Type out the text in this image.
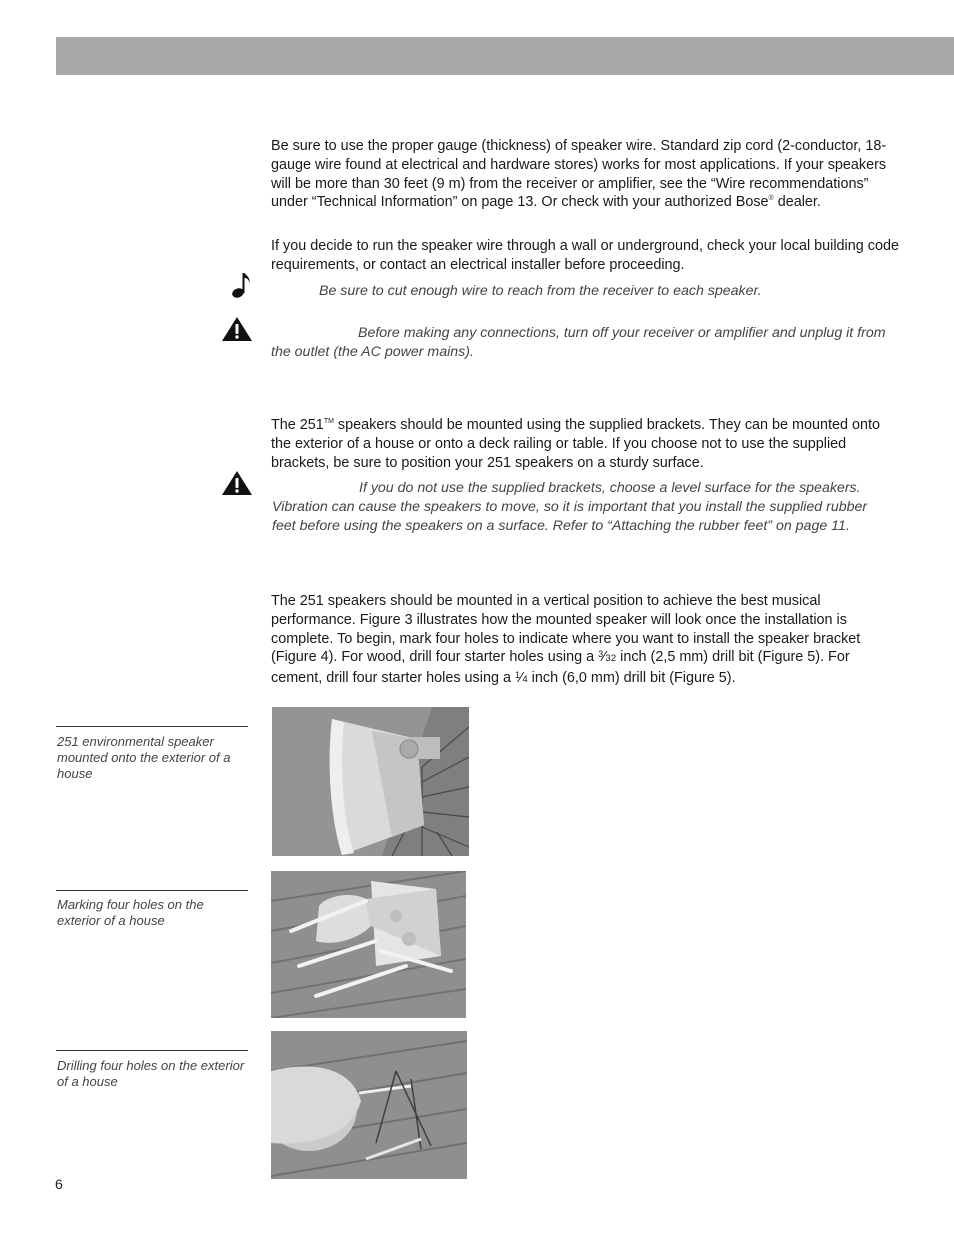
Be sure to use the proper gauge (thickness) of speaker wire. Standard zip cord (2-conductor, 18-gauge wire found at electrical and hardware stores) works for most applications. If your speakers will be more than 30 feet (9 m) from the receiver or amplifier, see the “Wire recommendations” under “Technical Information” on page 13. Or check with your authorized Bose® dealer.

If you decide to run the speaker wire through a wall or underground, check your local building code requirements, or contact an electrical installer before proceeding.

Be sure to cut enough wire to reach from the receiver to each speaker.

Before making any connections, turn off your receiver or amplifier and unplug it from the outlet (the AC power mains).

The 251™ speakers should be mounted using the supplied brackets. They can be mounted onto the exterior of a house or onto a deck railing or table. If you choose not to use the supplied brackets, be sure to position your 251 speakers on a sturdy surface.

If you do not use the supplied brackets, choose a level surface for the speakers. Vibration can cause the speakers to move, so it is important that you install the supplied rubber feet before using the speakers on a surface. Refer to “Attaching the rubber feet” on page 11.

The 251 speakers should be mounted in a vertical position to achieve the best musical performance. Figure 3 illustrates how the mounted speaker will look once the installation is complete. To begin, mark four holes to indicate where you want to install the speaker bracket (Figure 4). For wood, drill four starter holes using a $^3$⁄32 inch (2,5 mm) drill bit (Figure 5). For cement, drill four starter holes using a $^1$⁄4 inch (6,0 mm) drill bit (Figure 5).

251 environmental speaker mounted onto the exterior of a house

Marking four holes on the exterior of a house

Drilling four holes on the exterior of a house

6
